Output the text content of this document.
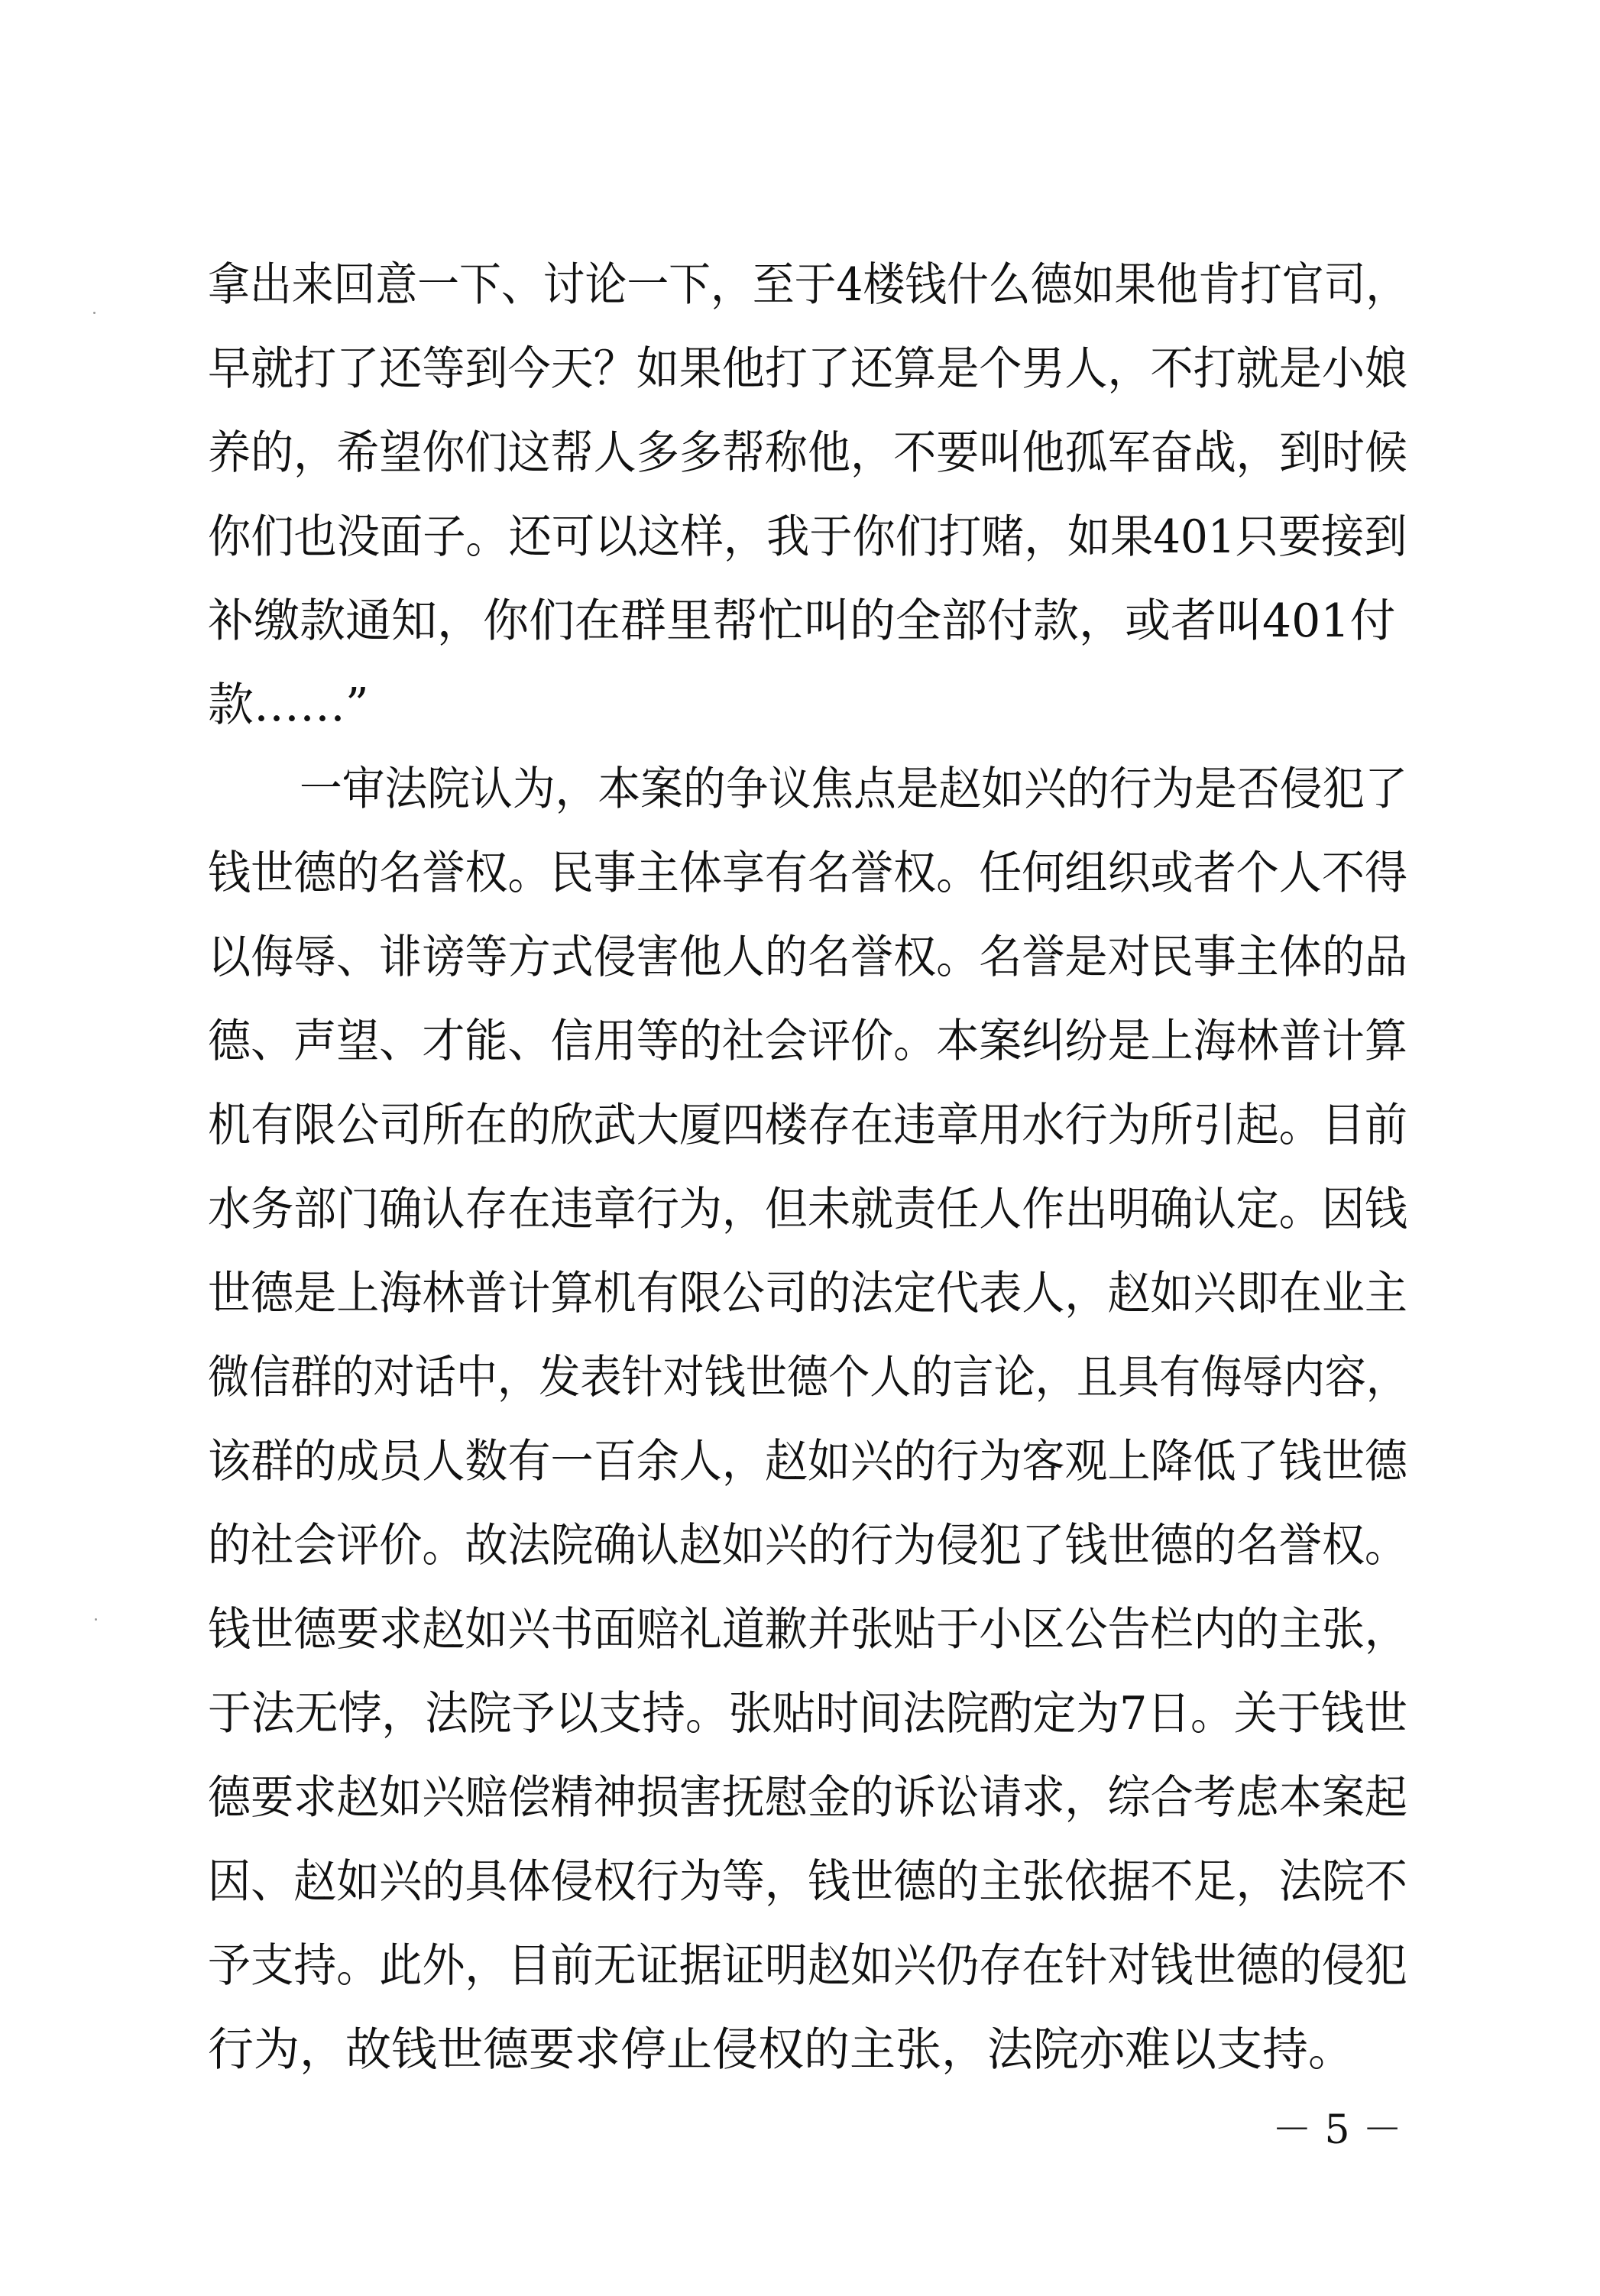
拿出来回意一下、讨论一下，至于4楼钱什么德如果他肯打官司，
早就打了还等到今天？如果他打了还算是个男人，不打就是小娘
养的，希望你们这帮人多多帮称他，不要叫他孤军奋战，到时候
你们也没面子。还可以这样，我于你们打赌，如果401只要接到
补缴款通知，你们在群里帮忙叫的全部付款，或者叫401付
款……”
一审法院认为，本案的争议焦点是赵如兴的行为是否侵犯了
钱世德的名誉权。民事主体享有名誉权。任何组织或者个人不得
以侮辱、诽谤等方式侵害他人的名誉权。名誉是对民事主体的品
德、声望、才能、信用等的社会评价。本案纠纷是上海林普计算
机有限公司所在的欣武大厦四楼存在违章用水行为所引起。目前
水务部门确认存在违章行为，但未就责任人作出明确认定。因钱
世德是上海林普计算机有限公司的法定代表人，赵如兴即在业主
微信群的对话中，发表针对钱世德个人的言论，且具有侮辱内容，
该群的成员人数有一百余人，赵如兴的行为客观上降低了钱世德
的社会评价。故法院确认赵如兴的行为侵犯了钱世德的名誉权。
钱世德要求赵如兴书面赔礼道歉并张贴于小区公告栏内的主张，
于法无悖，法院予以支持。张贴时间法院酌定为7日。关于钱世
德要求赵如兴赔偿精神损害抚慰金的诉讼请求，综合考虑本案起
因、赵如兴的具体侵权行为等，钱世德的主张依据不足，法院不
予支持。此外，目前无证据证明赵如兴仍存在针对钱世德的侵犯
行为，故钱世德要求停止侵权的主张，法院亦难以支持。
－ 5 －
